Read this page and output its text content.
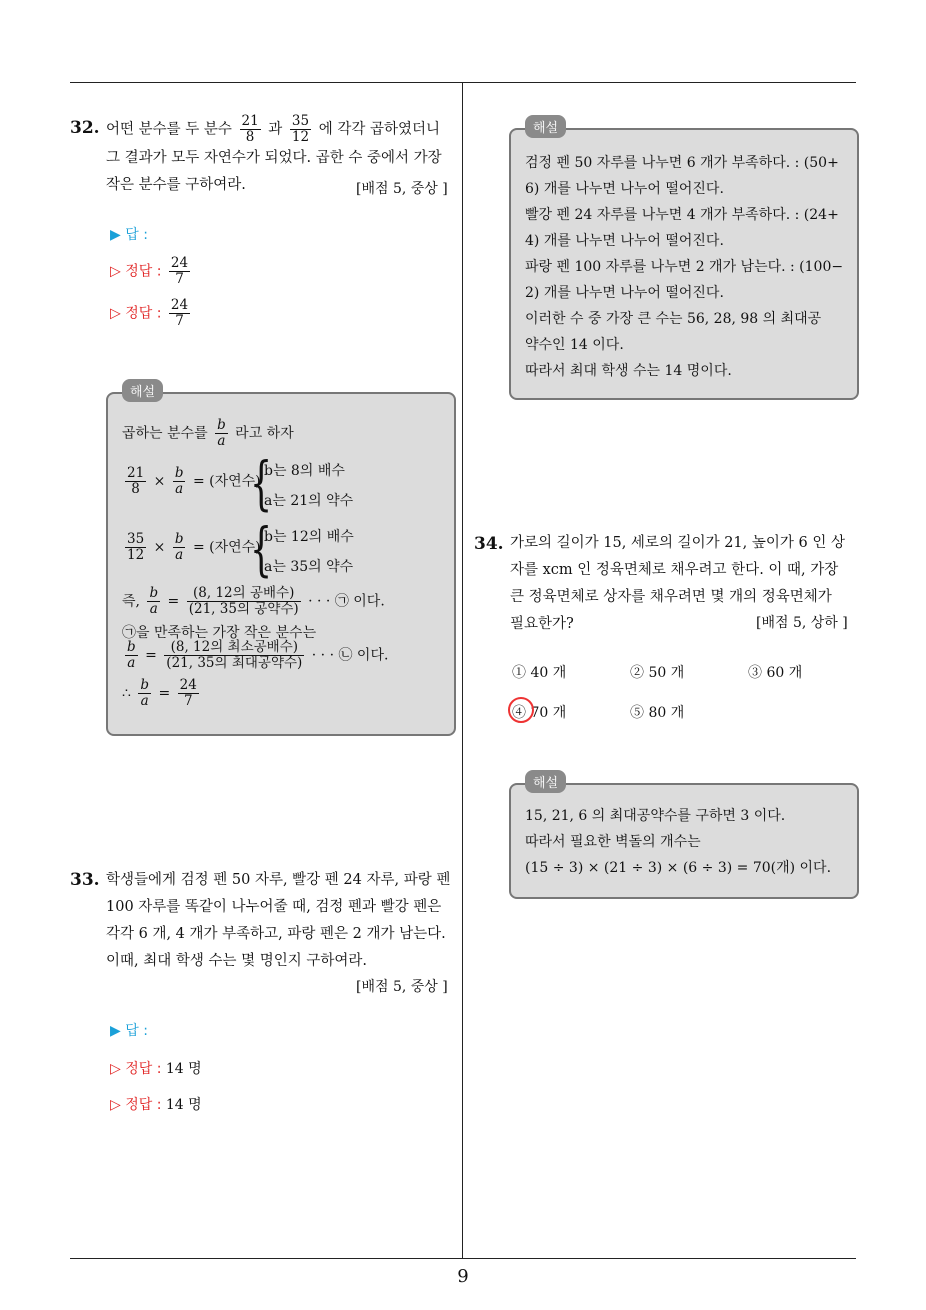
9
32. 어떤 분수를 두 분수 $\frac{21}{8}$ 과 $\frac{35}{12}$ 에 각각 곱하였더니
그 결과가 모두 자연수가 되었다. 곱한 수 중에서 가장
작은 분수를 구하여라.	[배점 5, 중상 ]
▶ 답 :
▷ 정답 : $\frac{24}{7}$
▷ 정답 : $\frac{24}{7}$
해설
곱하는 분수를 $\frac{b}{a}$ 라고 하자
$\frac{21}{8} \times \frac{b}{a}$ = (자연수)
{
b는 8의 배수
a는 21의 약수
$\frac{35}{12} \times \frac{b}{a}$ = (자연수)
{
b는 12의 배수
a는 35의 약수
즉, $\frac{b}{a} = \frac{\text{(8, 12의 공배수)}}{\text{(21, 35의 공약수)}}$ · · · ㉠ 이다.
㉠을 만족하는 가장 작은 분수는
$\frac{b}{a} = \frac{\text{(8, 12의 최소공배수)}}{\text{(21, 35의 최대공약수)}}$ · · · ㉡ 이다.
∴ $\frac{b}{a} = \frac{24}{7}$
33. 학생들에게 검정 펜 50 자루, 빨강 펜 24 자루, 파랑 펜
100 자루를 똑같이 나누어줄 때, 검정 펜과 빨강 펜은
각각 6 개, 4 개가 부족하고, 파랑 펜은 2 개가 남는다.
이때, 최대 학생 수는 몇 명인지 구하여라.
[배점 5, 중상 ]
▶ 답 :
▷ 정답 : 14 명
▷ 정답 : 14 명
해설
검정 펜 50 자루를 나누면 6 개가 부족하다. : (50+
6) 개를 나누면 나누어 떨어진다.
빨강 펜 24 자루를 나누면 4 개가 부족하다. : (24+
4) 개를 나누면 나누어 떨어진다.
파랑 펜 100 자루를 나누면 2 개가 남는다. : (100−
2) 개를 나누면 나누어 떨어진다.
이러한 수 중 가장 큰 수는 56, 28, 98 의 최대공
약수인 14 이다.
따라서 최대 학생 수는 14 명이다.
34. 가로의 길이가 15, 세로의 길이가 21, 높이가 6 인 상
자를 xcm 인 정육면체로 채우려고 한다. 이 때, 가장
큰 정육면체로 상자를 채우려면 몇 개의 정육면체가
필요한가?	[배점 5, 상하 ]
① 40 개	② 50 개	③ 60 개
④ 70 개	⑤ 80 개
해설
15, 21, 6 의 최대공약수를 구하면 3 이다.
따라서 필요한 벽돌의 개수는
(15 ÷ 3) × (21 ÷ 3) × (6 ÷ 3) = 70(개) 이다.
